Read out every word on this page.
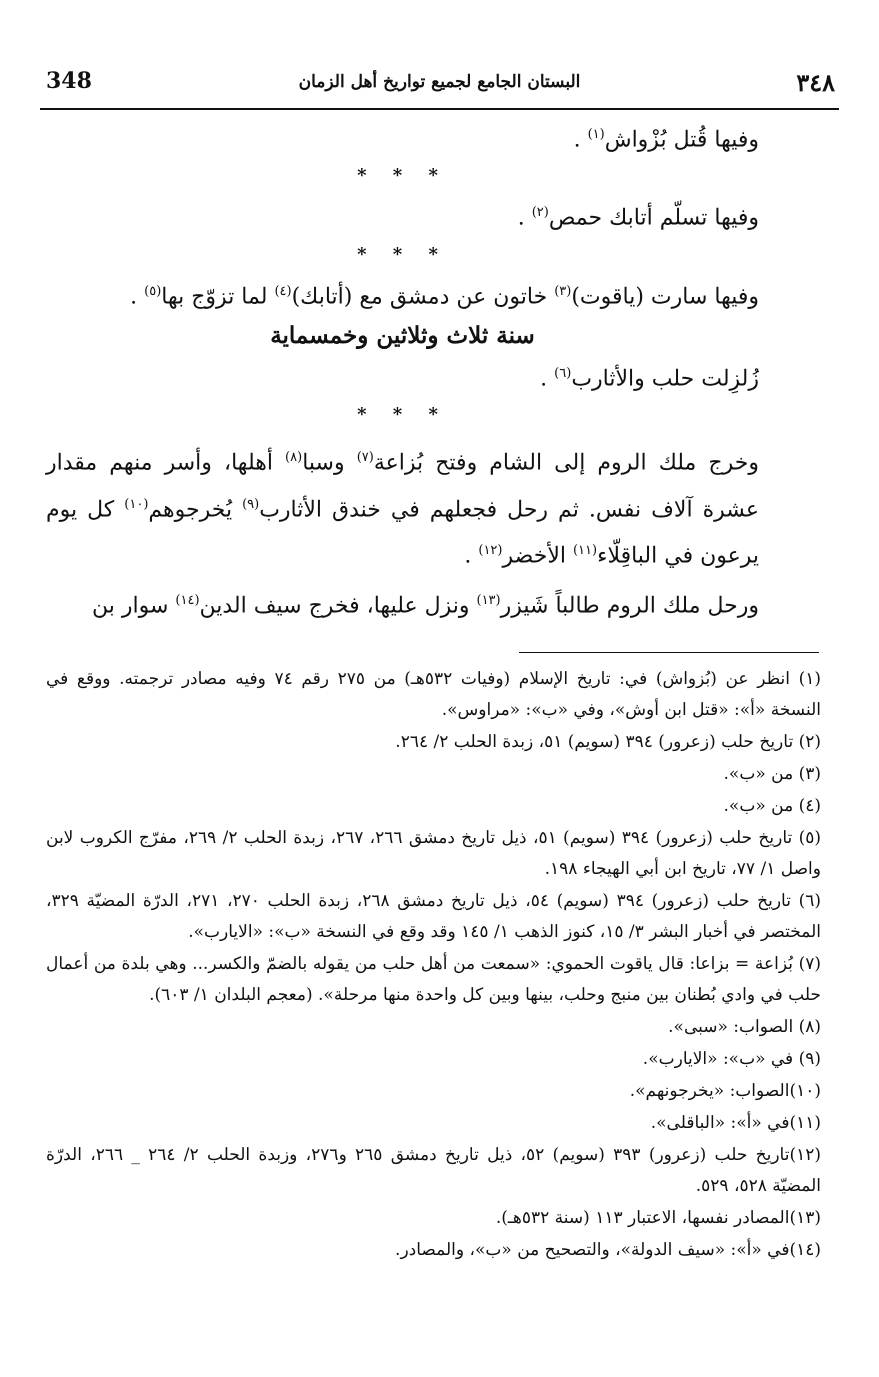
348	البستان الجامع لجميع تواريخ أهل الزمان	٣٤٨

وفيها قُتل بُزْواش$^{(١)}$ .

* * *

وفيها تسلّم أتابك حمص$^{(٢)}$ .

* * *

وفيها سارت (ياقوت)$^{(٣)}$ خاتون عن دمشق مع (أتابك)$^{(٤)}$ لما تزوّج بها$^{(٥)}$ .

سنة ثلاث وثلاثين وخمسماية

زُلزِلت حلب والأثارب$^{(٦)}$ .

* * *

وخرج ملك الروم إلى الشام وفتح بُزاعة$^{(٧)}$ وسبا$^{(٨)}$ أهلها، وأسر منهم مقدار عشرة آلاف نفس. ثم رحل فجعلهم في خندق الأثارب$^{(٩)}$ يُخرجوهم$^{(١٠)}$ كل يوم يرعون في الباقِلّاء$^{(١١)}$ الأخضر$^{(١٢)}$ .

ورحل ملك الروم طالباً شَيزر$^{(١٣)}$ ونزل عليها، فخرج سيف الدين$^{(١٤)}$ سوار بن

(١) انظر عن (بُزواش) في: تاريخ الإسلام (وفيات ٥٣٢هـ) من ٢٧٥ رقم ٧٤ وفيه مصادر ترجمته. ووقع في النسخة «أ»: «قتل ابن أوش»، وفي «ب»: «مراوس».

(٢) تاريخ حلب (زعرور) ٣٩٤ (سويم) ٥١، زبدة الحلب ٢/ ٢٦٤.

(٣) من «ب».

(٤) من «ب».

(٥) تاريخ حلب (زعرور) ٣٩٤ (سويم) ٥١، ذيل تاريخ دمشق ٢٦٦، ٢٦٧، زبدة الحلب ٢/ ٢٦٩، مفرّج الكروب لابن واصل ١/ ٧٧، تاريخ ابن أبي الهيجاء ١٩٨.

(٦) تاريخ حلب (زعرور) ٣٩٤ (سويم) ٥٤، ذيل تاريخ دمشق ٢٦٨، زبدة الحلب ٢٧٠، ٢٧١، الدرّة المضيّة ٣٢٩، المختصر في أخبار البشر ٣/ ١٥، كنوز الذهب ١/ ١٤٥ وقد وقع في النسخة «ب»: «الايارب».

(٧) بُزاعة = بزاعا: قال ياقوت الحموي: «سمعت من أهل حلب من يقوله بالضمّ والكسر... وهي بلدة من أعمال حلب في وادي بُطنان بين منبج وحلب، بينها وبين كل واحدة منها مرحلة». (معجم البلدان ١/ ٦٠٣).

(٨) الصواب: «سبى».

(٩) في «ب»: «الايارب».

(١٠)الصواب: «يخرجونهم».

(١١)في «أ»: «الباقلى».

(١٢)تاريخ حلب (زعرور) ٣٩٣ (سويم) ٥٢، ذيل تاريخ دمشق ٢٦٥ و٢٧٦، وزبدة الحلب ٢/ ٢٦٤ _ ٢٦٦، الدرّة المضيّة ٥٢٨، ٥٢٩.

(١٣)المصادر نفسها، الاعتبار ١١٣ (سنة ٥٣٢هـ).

(١٤)في «أ»: «سيف الدولة»، والتصحيح من «ب»، والمصادر.
